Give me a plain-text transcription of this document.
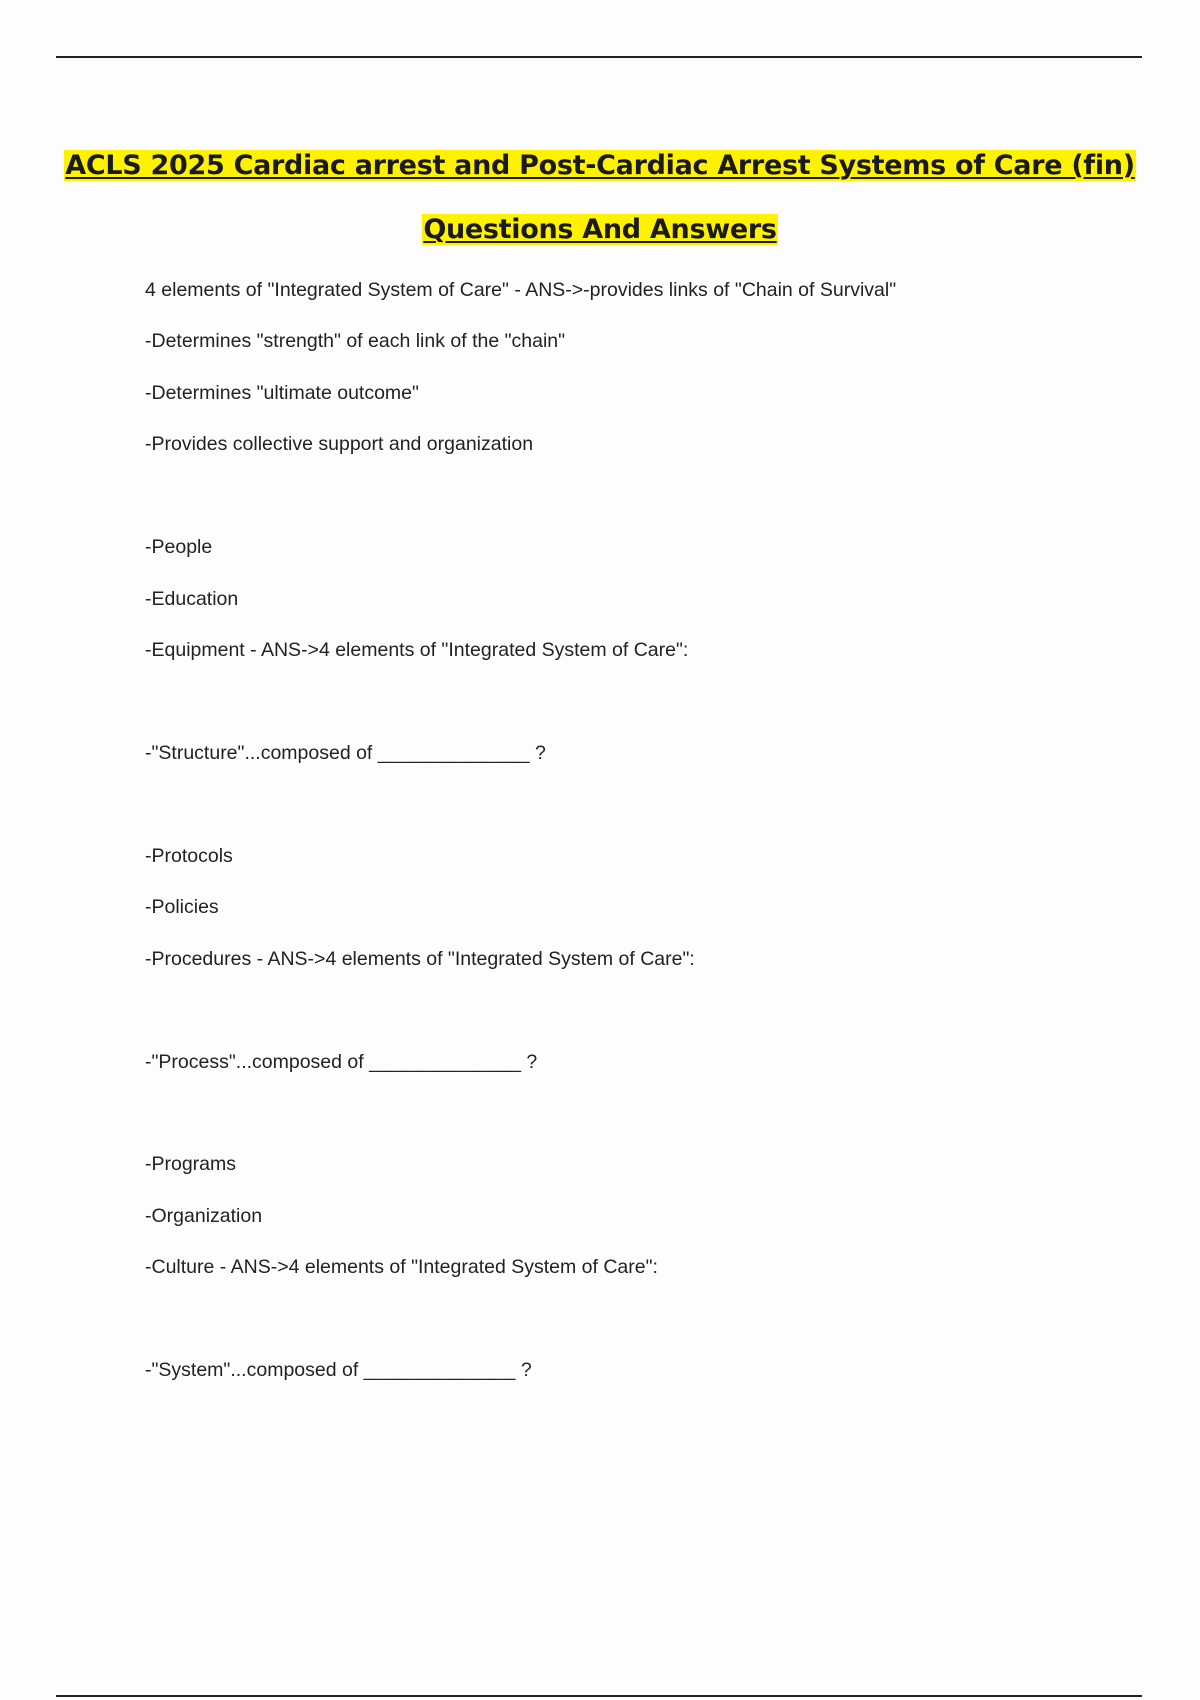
ACLS 2025 Cardiac arrest and Post-Cardiac Arrest Systems of Care (fin)
Questions And Answers
4 elements of "Integrated System of Care" - ANS->-provides links of "Chain of Survival"
-Determines "strength" of each link of the "chain"
-Determines "ultimate outcome"
-Provides collective support and organization
-People
-Education
-Equipment - ANS->4 elements of "Integrated System of Care":
-"Structure"...composed of ______________ ?
-Protocols
-Policies
-Procedures - ANS->4 elements of "Integrated System of Care":
-"Process"...composed of ______________ ?
-Programs
-Organization
-Culture - ANS->4 elements of "Integrated System of Care":
-"System"...composed of ______________ ?
